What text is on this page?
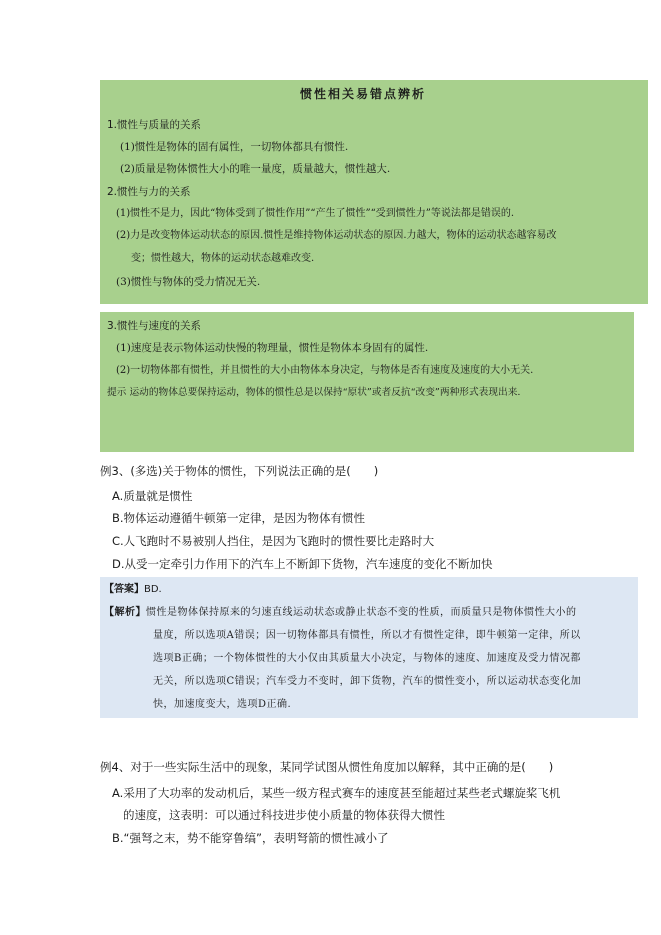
惯性相关易错点辨析
1.惯性与质量的关系
(1)惯性是物体的固有属性，一切物体都具有惯性.
(2)质量是物体惯性大小的唯一量度，质量越大，惯性越大.
2.惯性与力的关系
(1)惯性不是力，因此“物体受到了惯性作用”“产生了惯性”“受到惯性力”等说法都是错误的.
(2)力是改变物体运动状态的原因.惯性是维持物体运动状态的原因.力越大，物体的运动状态越容易改
变；惯性越大，物体的运动状态越难改变.
(3)惯性与物体的受力情况无关.
3.惯性与速度的关系
(1)速度是表示物体运动快慢的物理量，惯性是物体本身固有的属性.
(2)一切物体都有惯性，并且惯性的大小由物体本身决定，与物体是否有速度及速度的大小无关.
提示 运动的物体总要保持运动，物体的惯性总是以保持“原状”或者反抗“改变”两种形式表现出来.
例3、(多选)关于物体的惯性，下列说法正确的是(　　)
A.质量就是惯性
B.物体运动遵循牛顿第一定律，是因为物体有惯性
C.人飞跑时不易被别人挡住，是因为飞跑时的惯性要比走路时大
D.从受一定牵引力作用下的汽车上不断卸下货物，汽车速度的变化不断加快
【答案】BD.
【解析】惯性是物体保持原来的匀速直线运动状态或静止状态不变的性质，而质量只是物体惯性大小的
量度，所以选项A错误；因一切物体都具有惯性，所以才有惯性定律，即牛顿第一定律，所以
选项B正确；一个物体惯性的大小仅由其质量大小决定，与物体的速度、加速度及受力情况都
无关，所以选项C错误；汽车受力不变时，卸下货物，汽车的惯性变小，所以运动状态变化加
快，加速度变大，选项D正确.
例4、对于一些实际生活中的现象，某同学试图从惯性角度加以解释，其中正确的是(　　)
A.采用了大功率的发动机后，某些一级方程式赛车的速度甚至能超过某些老式螺旋桨飞机
的速度，这表明：可以通过科技进步使小质量的物体获得大惯性
B.“强弩之末，势不能穿鲁缟”，表明弩箭的惯性减小了
